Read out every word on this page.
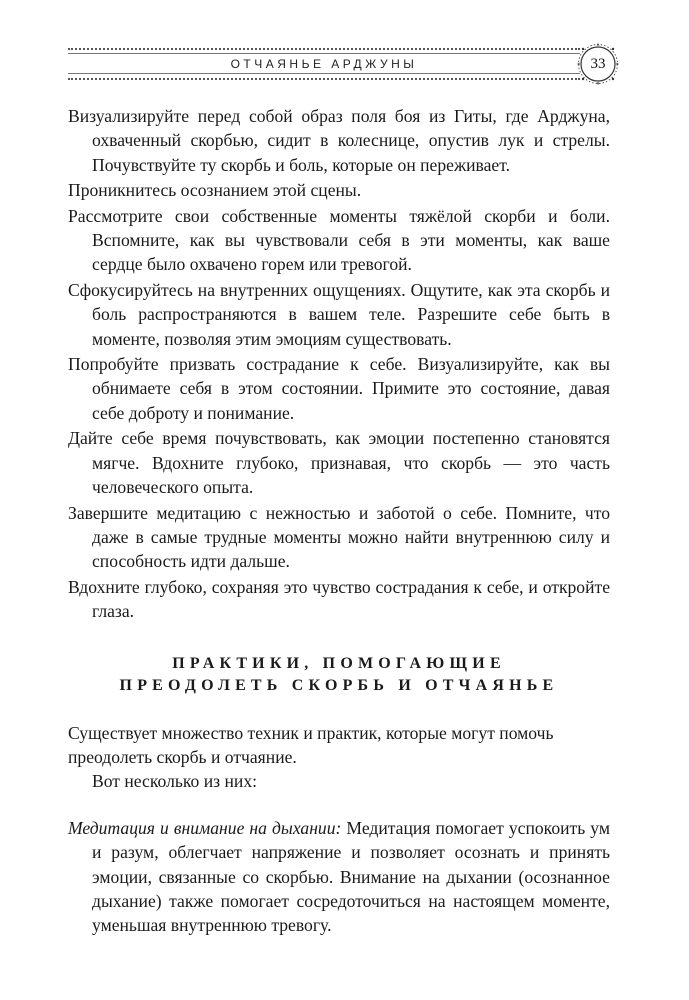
ОТЧАЯНЬЕ АРДЖУНЫ	33

Визуализируйте перед собой образ поля боя из Гиты, где Арджуна, охваченный скорбью, сидит в колеснице, опустив лук и стрелы. Почувствуйте ту скорбь и боль, которые он переживает.

Проникнитесь осознанием этой сцены.

Рассмотрите свои собственные моменты тяжёлой скорби и боли. Вспомните, как вы чувствовали себя в эти моменты, как ваше сердце было охвачено горем или тревогой.

Сфокусируйтесь на внутренних ощущениях. Ощутите, как эта скорбь и боль распространяются в вашем теле. Разрешите себе быть в моменте, позволяя этим эмоциям существовать.

Попробуйте призвать сострадание к себе. Визуализируйте, как вы обнимаете себя в этом состоянии. Примите это состояние, давая себе доброту и понимание.

Дайте себе время почувствовать, как эмоции постепенно становятся мягче. Вдохните глубоко, признавая, что скорбь — это часть человеческого опыта.

Завершите медитацию с нежностью и заботой о себе. Помните, что даже в самые трудные моменты можно найти внутреннюю силу и способность идти дальше.

Вдохните глубоко, сохраняя это чувство сострадания к себе, и откройте глаза.

ПРАКТИКИ, ПОМОГАЮЩИЕ
ПРЕОДОЛЕТЬ СКОРБЬ И ОТЧАЯНЬЕ

Существует множество техник и практик, которые могут помочь преодолеть скорбь и отчаяние.

Вот несколько из них:

Медитация и внимание на дыхании: Медитация помогает успокоить ум и разум, облегчает напряжение и позволяет осознать и принять эмоции, связанные со скорбью. Внимание на дыхании (осознанное дыхание) также помогает сосредоточиться на настоящем моменте, уменьшая внутреннюю тревогу.
